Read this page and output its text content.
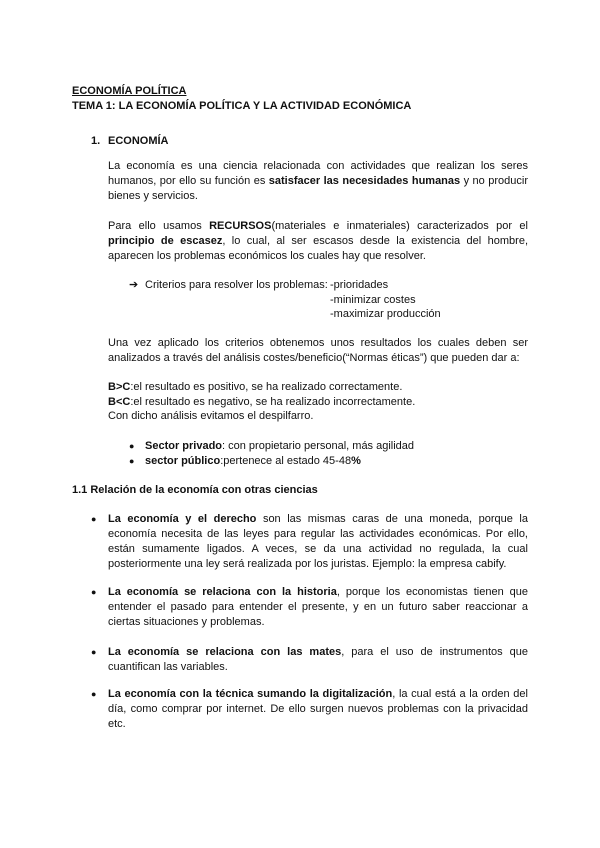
ECONOMÍA POLÍTICA
TEMA 1: LA ECONOMÍA POLÍTICA Y LA ACTIVIDAD ECONÓMICA
1. ECONOMÍA
La economía es una ciencia relacionada con actividades que realizan los seres humanos, por ello su función es satisfacer las necesidades humanas y no producir bienes y servicios.
Para ello usamos RECURSOS(materiales e inmateriales) caracterizados por el principio de escasez, lo cual, al ser escasos desde la existencia del hombre, aparecen los problemas económicos los cuales hay que resolver.
➔ Criterios para resolver los problemas: -prioridades
-minimizar costes
-maximizar producción
Una vez aplicado los criterios obtenemos unos resultados los cuales deben ser analizados a través del análisis costes/beneficio(“Normas éticas”) que pueden dar a:
B>C:el resultado es positivo, se ha realizado correctamente.
B<C:el resultado es negativo, se ha realizado incorrectamente.
Con dicho análisis evitamos el despilfarro.
● Sector privado: con propietario personal, más agilidad
● sector público:pertenece al estado 45-48%
1.1 Relación de la economía con otras ciencias
● La economía y el derecho son las mismas caras de una moneda, porque la economía necesita de las leyes para regular las actividades económicas. Por ello, están sumamente ligados. A veces, se da una actividad no regulada, la cual posteriormente una ley será realizada por los juristas. Ejemplo: la empresa cabify.
● La economía se relaciona con la historia, porque los economistas tienen que entender el pasado para entender el presente, y en un futuro saber reaccionar a ciertas situaciones y problemas.
● La economía se relaciona con las mates, para el uso de instrumentos que cuantifican las variables.
● La economía con la técnica sumando la digitalización, la cual está a la orden del día, como comprar por internet. De ello surgen nuevos problemas con la privacidad etc.
